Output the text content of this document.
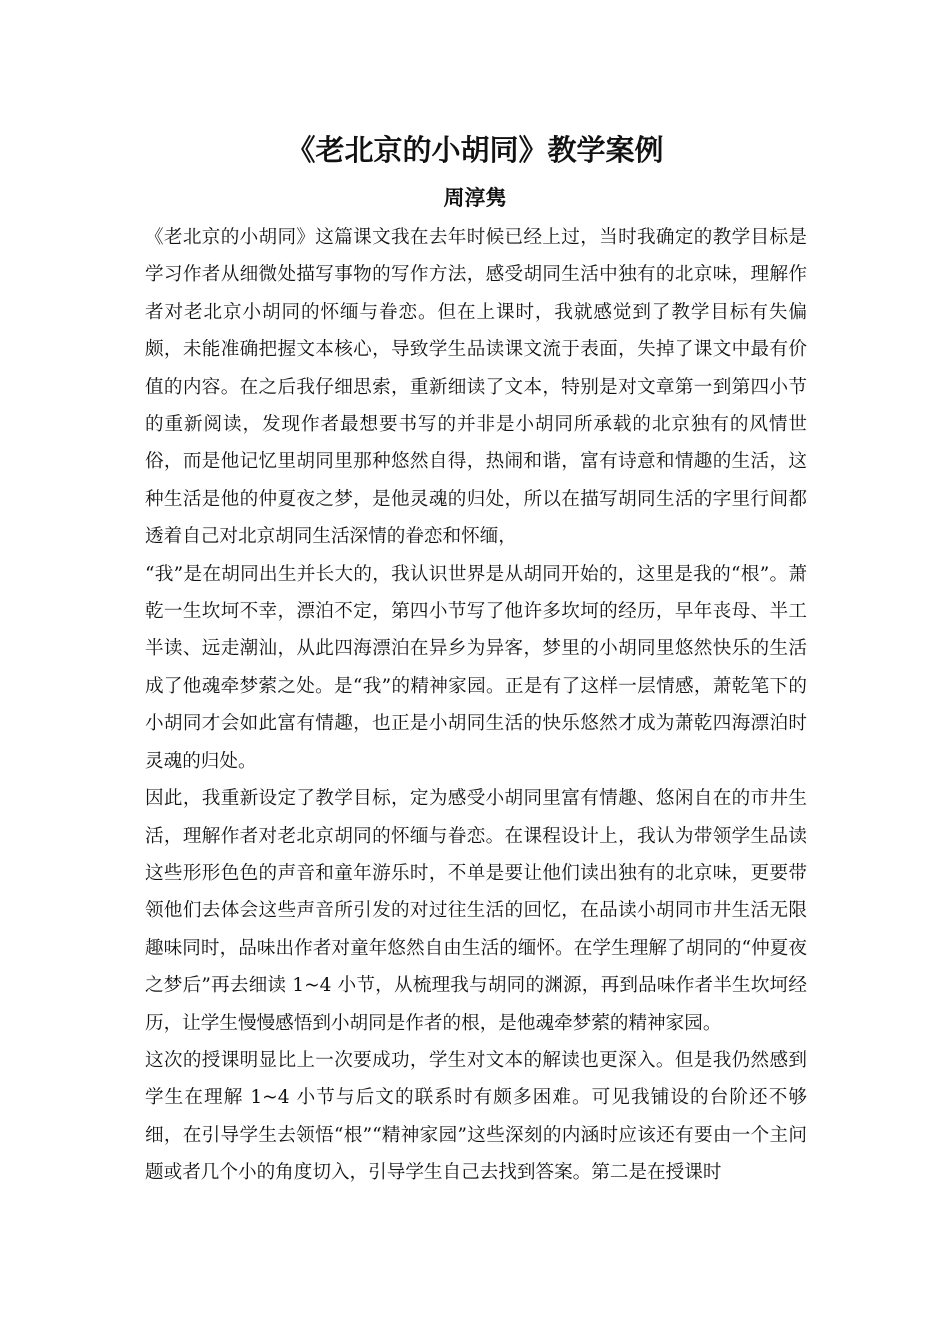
《老北京的小胡同》教学案例
周淳隽

《老北京的小胡同》这篇课文我在去年时候已经上过，当时我确定的教学目标是学习作者从细微处描写事物的写作方法，感受胡同生活中独有的北京味，理解作者对老北京小胡同的怀缅与眷恋。但在上课时，我就感觉到了教学目标有失偏颇，未能准确把握文本核心，导致学生品读课文流于表面，失掉了课文中最有价值的内容。在之后我仔细思索，重新细读了文本，特别是对文章第一到第四小节的重新阅读，发现作者最想要书写的并非是小胡同所承载的北京独有的风情世俗，而是他记忆里胡同里那种悠然自得，热闹和谐，富有诗意和情趣的生活，这种生活是他的仲夏夜之梦，是他灵魂的归处，所以在描写胡同生活的字里行间都透着自己对北京胡同生活深情的眷恋和怀缅，

“我”是在胡同出生并长大的，我认识世界是从胡同开始的，这里是我的“根”。萧乾一生坎坷不幸，漂泊不定，第四小节写了他许多坎坷的经历，早年丧母、半工半读、远走潮汕，从此四海漂泊在异乡为异客，梦里的小胡同里悠然快乐的生活成了他魂牵梦萦之处。是“我”的精神家园。正是有了这样一层情感，萧乾笔下的小胡同才会如此富有情趣，也正是小胡同生活的快乐悠然才成为萧乾四海漂泊时灵魂的归处。

因此，我重新设定了教学目标，定为感受小胡同里富有情趣、悠闲自在的市井生活，理解作者对老北京胡同的怀缅与眷恋。在课程设计上，我认为带领学生品读这些形形色色的声音和童年游乐时，不单是要让他们读出独有的北京味，更要带领他们去体会这些声音所引发的对过往生活的回忆，在品读小胡同市井生活无限趣味同时，品味出作者对童年悠然自由生活的缅怀。在学生理解了胡同的“仲夏夜之梦后”再去细读 1~4 小节，从梳理我与胡同的渊源，再到品味作者半生坎坷经历，让学生慢慢感悟到小胡同是作者的根，是他魂牵梦萦的精神家园。

这次的授课明显比上一次要成功，学生对文本的解读也更深入。但是我仍然感到学生在理解 1~4 小节与后文的联系时有颇多困难。可见我铺设的台阶还不够细，在引导学生去领悟“根”“精神家园”这些深刻的内涵时应该还有要由一个主问题或者几个小的角度切入，引导学生自己去找到答案。第二是在授课时
